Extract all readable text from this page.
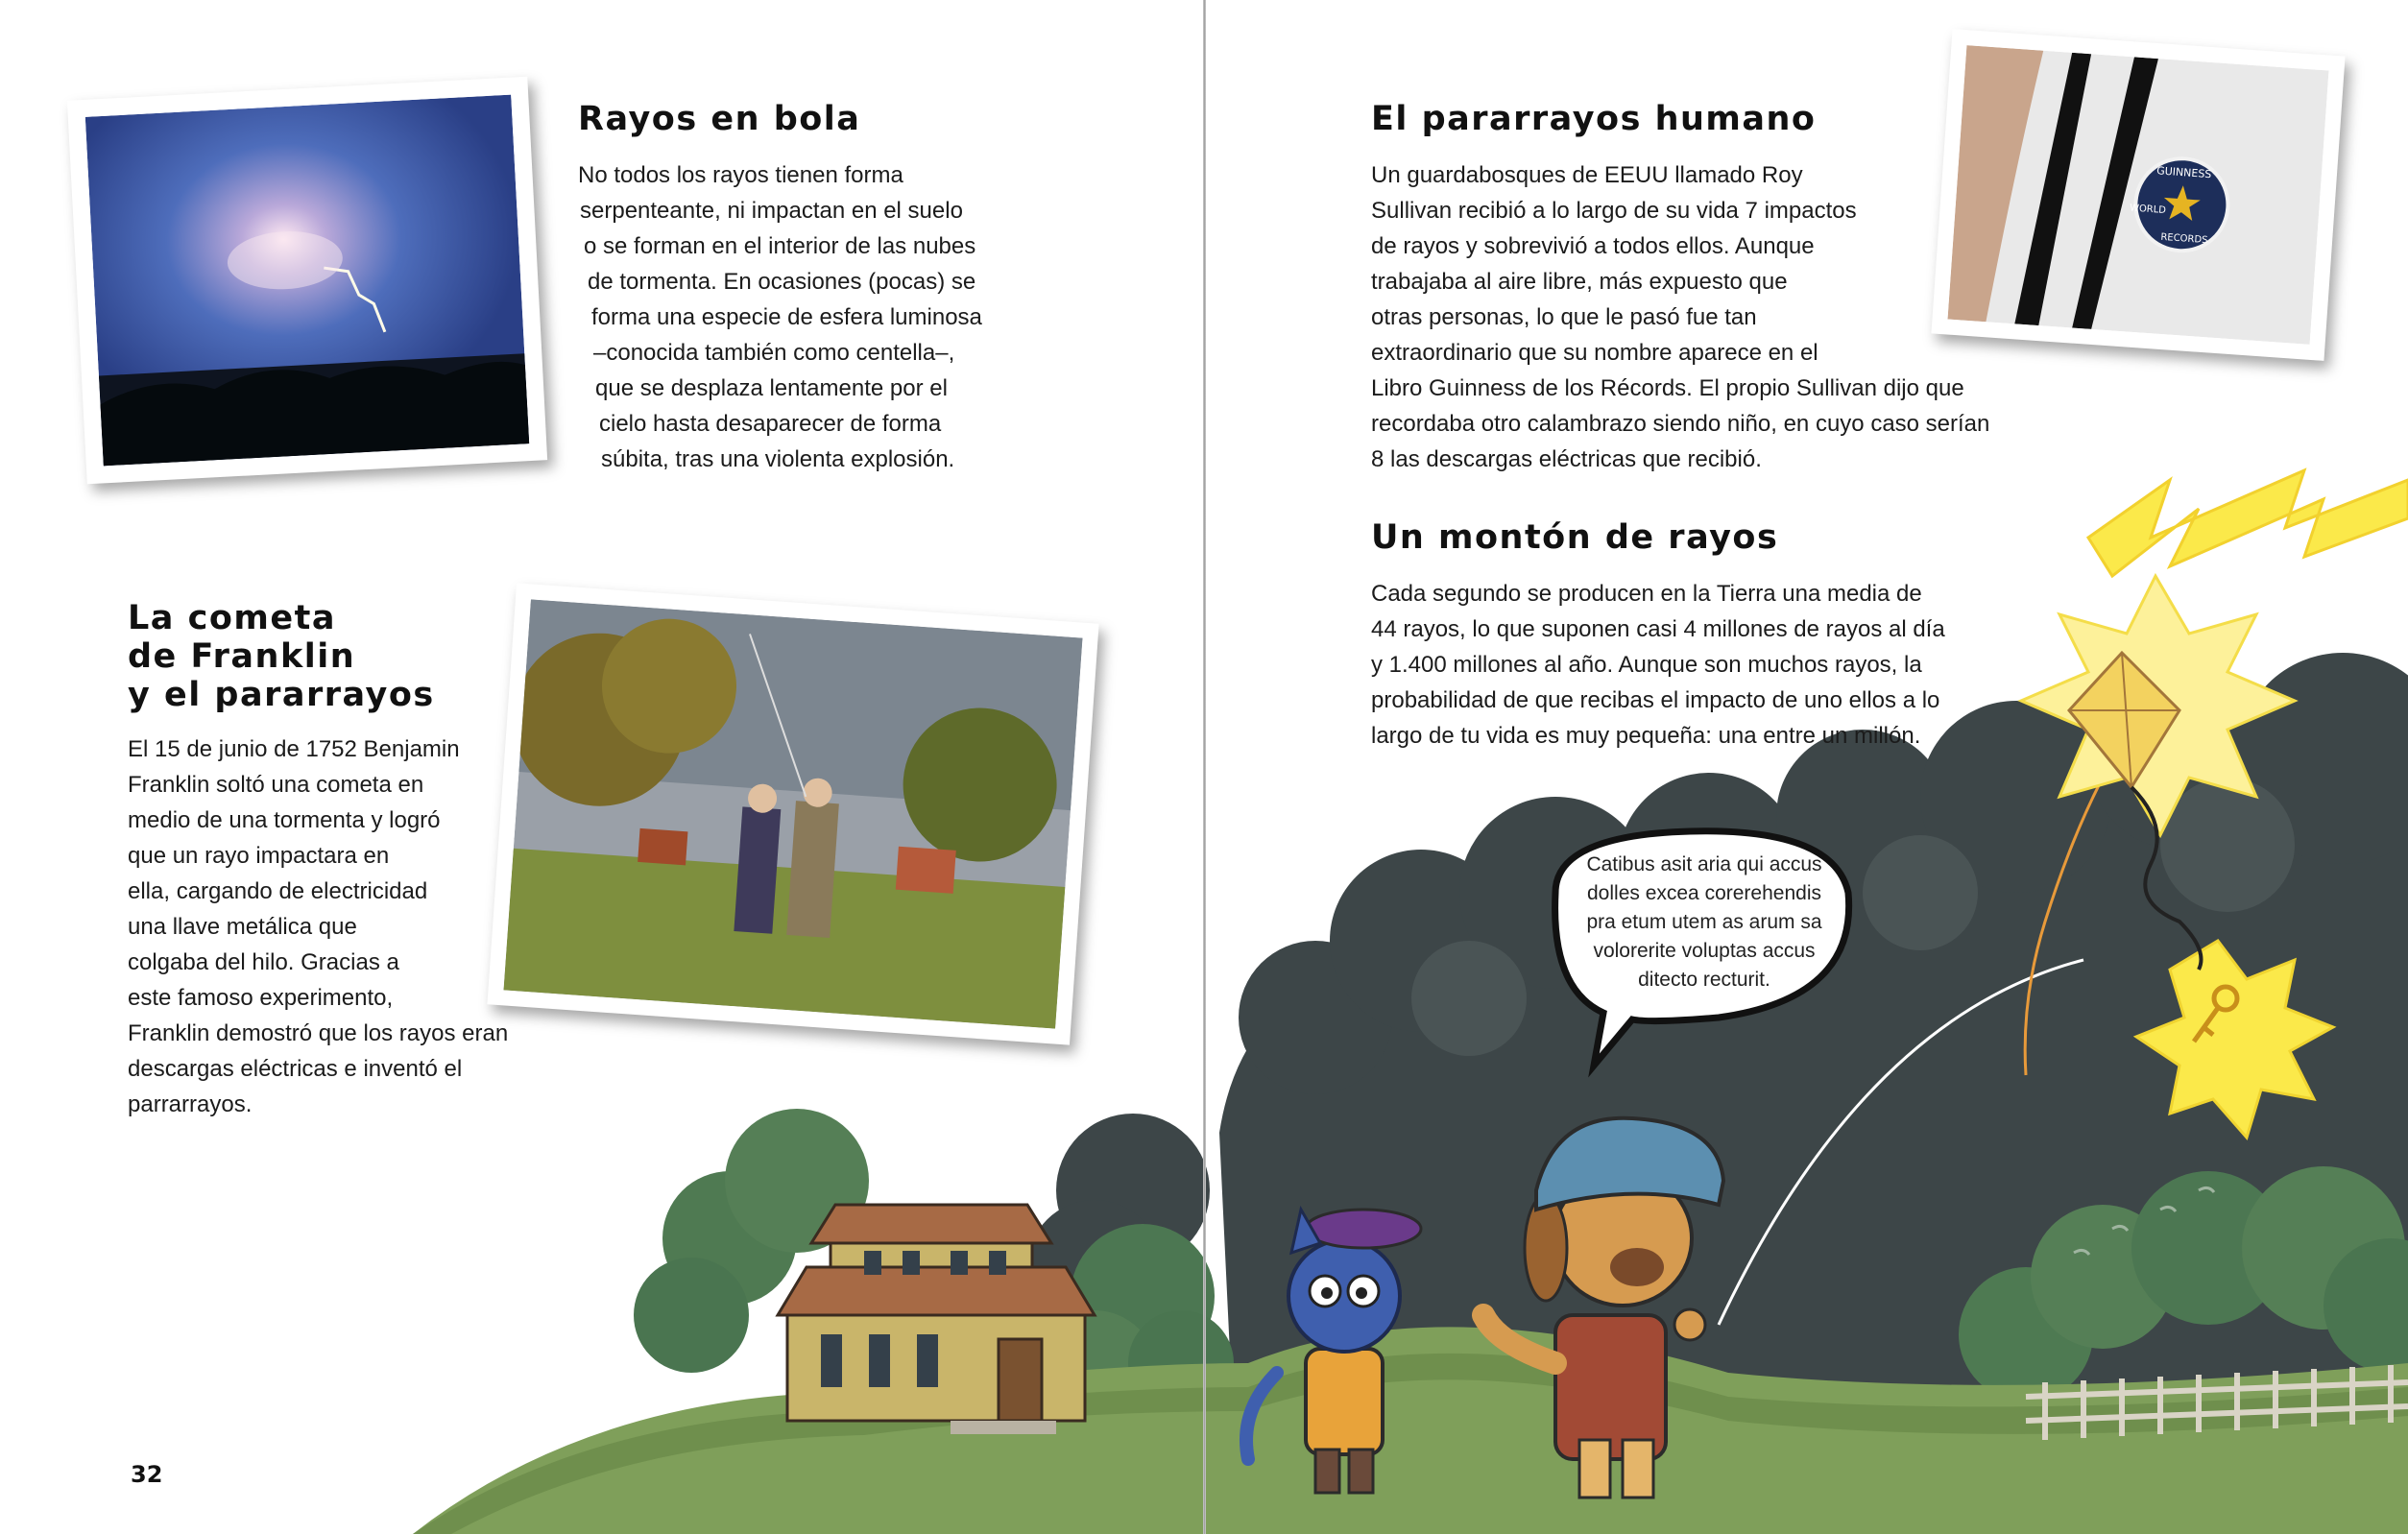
GUINNESS
WORLD
RECORDS
Rayos en bola
No todos los rayos tienen forma
serpenteante, ni impactan en el suelo
o se forman en el interior de las nubes
de tormenta. En ocasiones (pocas) se
forma una especie de esfera luminosa
–conocida también como centella–,
que se desplaza lentamente por el
cielo hasta desaparecer de forma
súbita, tras una violenta explosión.
La cometa
de Franklin
y el pararrayos
El 15 de junio de 1752 Benjamin
Franklin soltó una cometa en
medio de una tormenta y logró
que un rayo impactara en
ella, cargando de electricidad
una llave metálica que
colgaba del hilo. Gracias a
este famoso experimento,
Franklin demostró que los rayos eran
descargas eléctricas e inventó el
parrarrayos.
El pararrayos humano
Un guardabosques de EEUU llamado Roy
Sullivan recibió a lo largo de su vida 7 impactos
de rayos y sobrevivió a todos ellos. Aunque
trabajaba al aire libre, más expuesto que
otras personas, lo que le pasó fue tan
extraordinario que su nombre aparece en el
Libro Guinness de los Récords. El propio Sullivan dijo que
recordaba otro calambrazo siendo niño, en cuyo caso serían
8 las descargas eléctricas que recibió.
Un montón de rayos
Cada segundo se producen en la Tierra una media de
44 rayos, lo que suponen casi 4 millones de rayos al día
y 1.400 millones al año. Aunque son muchos rayos, la
probabilidad de que recibas el impacto de uno ellos a lo
largo de tu vida es muy pequeña: una entre un millón.
Catibus asit aria qui accus
dolles excea corerehendis
pra etum utem as arum sa
volorerite voluptas accus
ditecto recturit.
32
